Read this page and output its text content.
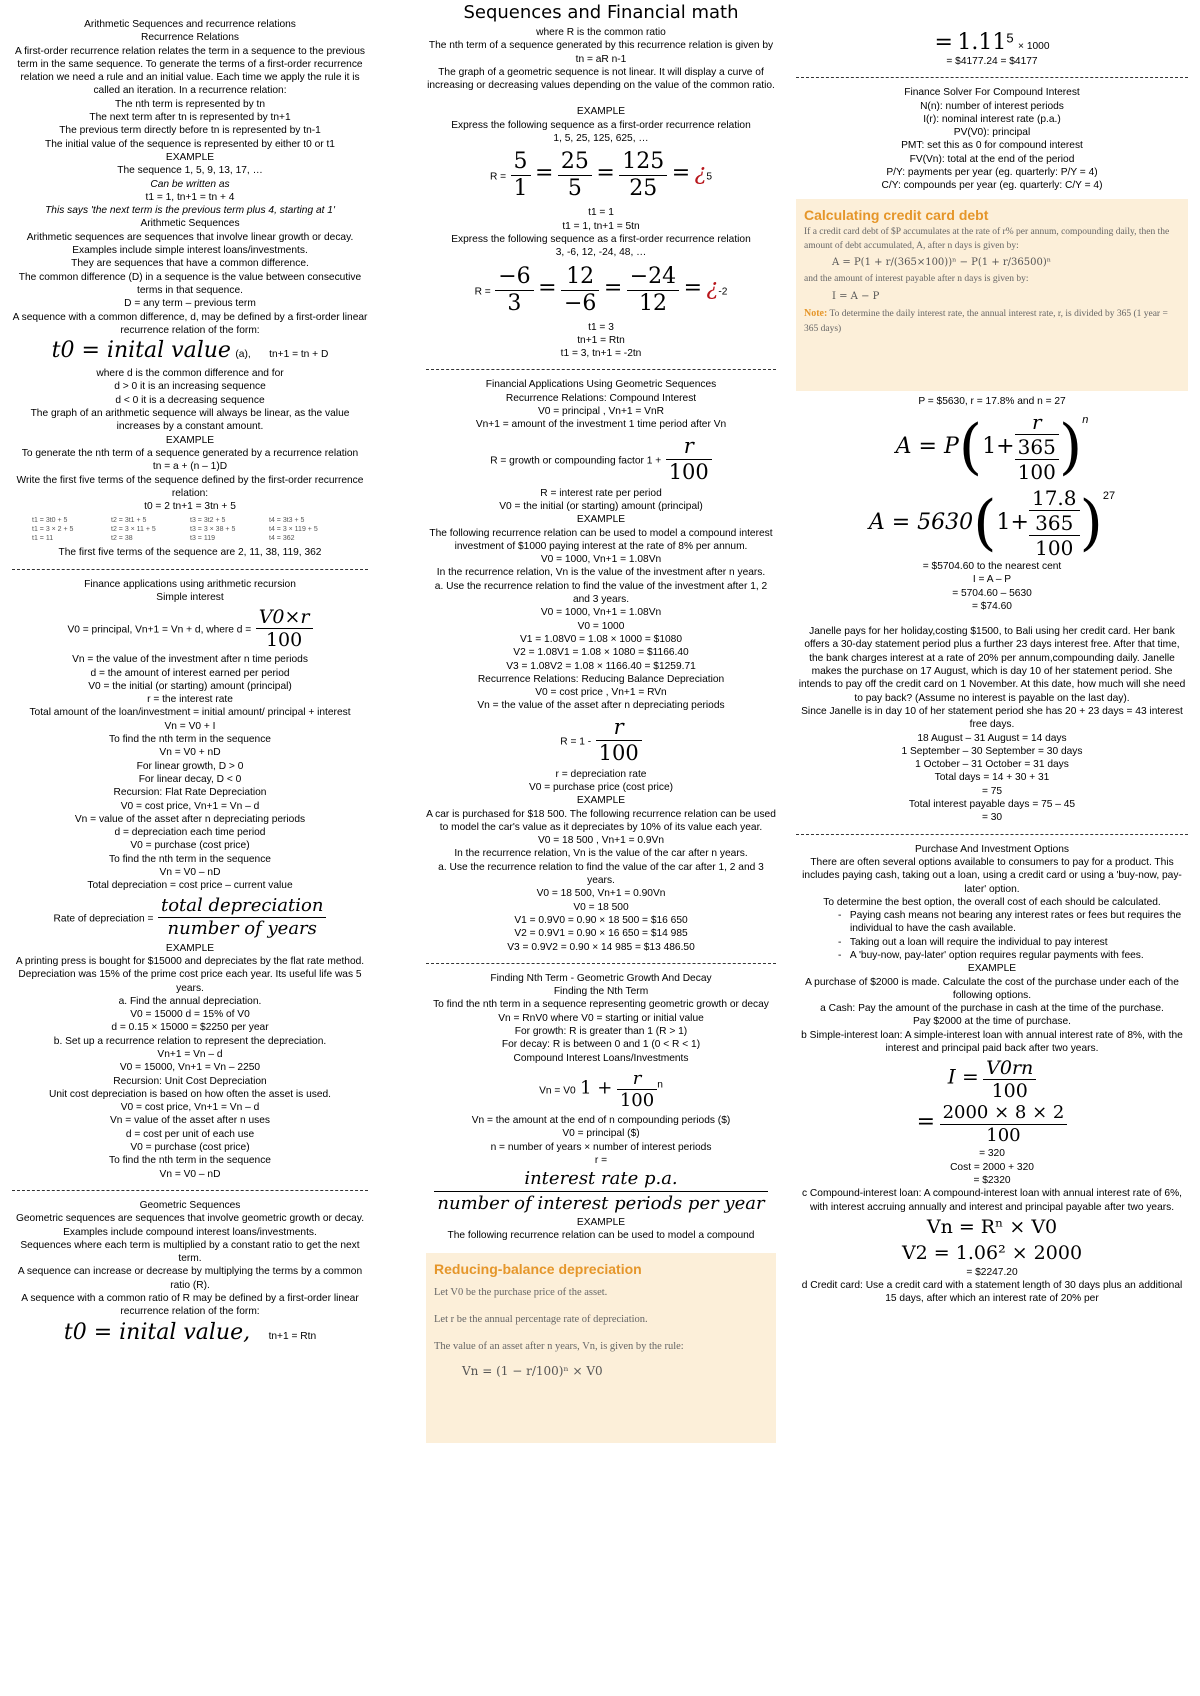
Arithmetic Sequences and recurrence relations
Recurrence Relations
A first-order recurrence relation relates the term in a sequence to the previous term in the same sequence. To generate the terms of a first-order recurrence relation we need a rule and an initial value. Each time we apply the rule it is called an iteration. In a recurrence relation:
The nth term is represented by tn
The next term after tn is represented by tn+1
The previous term directly before tn is represented by tn-1
The initial value of the sequence is represented by either t0 or t1
EXAMPLE
The sequence 1, 5, 9, 13, 17, …
Can be written as
t1 = 1, tn+1 = tn + 4
This says 'the next term is the previous term plus 4, starting at 1'
Arithmetic Sequences
Arithmetic sequences are sequences that involve linear growth or decay. Examples include simple interest loans/investments.
They are sequences that have a common difference.
The common difference (D) in a sequence is the value between consecutive terms in that sequence.
D = any term – previous term
A sequence with a common difference, d, may be defined by a first-order linear recurrence relation of the form:
t0 = inital value (a), tn+1 = tn + D
where d is the common difference and for
d > 0 it is an increasing sequence
d < 0 it is a decreasing sequence
The graph of an arithmetic sequence will always be linear, as the value increases by a constant amount.
EXAMPLE
To generate the nth term of a sequence generated by a recurrence relation
tn = a + (n – 1)D
Write the first five terms of the sequence defined by the first-order recurrence relation:
t0 = 2 tn+1 = 3tn + 5
t1 = 3t0 + 5	t2 = 3t1 + 5	t3 = 3t2 + 5	t4 = 3t3 + 5
t1 = 3 × 2 + 5	t2 = 3 × 11 + 5	t3 = 3 × 38 + 5	t4 = 3 × 119 + 5
t1 = 11	t2 = 38	t3 = 119	t4 = 362
The first five terms of the sequence are 2, 11, 38, 119, 362
Finance applications using arithmetic recursion
Simple interest
V0 = principal, Vn+1 = Vn + d, where $d = \frac{V0\times r}{100}$
Vn = the value of the investment after n time periods
d = the amount of interest earned per period
V0 = the initial (or starting) amount (principal)
r = the interest rate
Total amount of the loan/investment = initial amount/ principal + interest
Vn = V0 + I
To find the nth term in the sequence
Vn = V0 + nD
For linear growth, D > 0
For linear decay, D < 0
Recursion: Flat Rate Depreciation
V0 = cost price, Vn+1 = Vn – d
Vn = value of the asset after n depreciating periods
d = depreciation each time period
V0 = purchase (cost price)
To find the nth term in the sequence
Vn = V0 – nD
Total depreciation = cost price – current value
Rate of depreciation = $\frac{\text{total depreciation}}{\text{number of years}}$
EXAMPLE
A printing press is bought for $15000 and depreciates by the flat rate method. Depreciation was 15% of the prime cost price each year. Its useful life was 5 years.
a. Find the annual depreciation.
V0 = 15000 d = 15% of V0
d = 0.15 × 15000 = $2250 per year
b. Set up a recurrence relation to represent the depreciation.
Vn+1 = Vn – d
V0 = 15000, Vn+1 = Vn – 2250
Recursion: Unit Cost Depreciation
Unit cost depreciation is based on how often the asset is used.
V0 = cost price, Vn+1 = Vn – d
Vn = value of the asset after n uses
d = cost per unit of each use
V0 = purchase (cost price)
To find the nth term in the sequence
Vn = V0 – nD
Geometric Sequences
Geometric sequences are sequences that involve geometric growth or decay. Examples include compound interest loans/investments.
Sequences where each term is multiplied by a constant ratio to get the next term.
A sequence can increase or decrease by multiplying the terms by a common ratio (R).
A sequence with a common ratio of R may be defined by a first-order linear recurrence relation of the form:
t0 = inital value, tn+1 = Rtn
Sequences and Financial math
where R is the common ratio
The nth term of a sequence generated by this recurrence relation is given by
tn = aR n-1
The graph of a geometric sequence is not linear. It will display a curve of increasing or decreasing values depending on the value of the common ratio.
EXAMPLE
Express the following sequence as a first-order recurrence relation
1, 5, 25, 125, 625, …
$R = \frac{5}{1} = \frac{25}{5} = \frac{125}{25}$ = ¿5
t1 = 1
t1 = 1, tn+1 = 5tn
Express the following sequence as a first-order recurrence relation
3, -6, 12, -24, 48, …
$R = \frac{-6}{3} = \frac{12}{-6} = \frac{-24}{12}$ = ¿-2
t1 = 3
tn+1 = Rtn
t1 = 3, tn+1 = -2tn
Financial Applications Using Geometric Sequences
Recurrence Relations: Compound Interest
V0 = principal , Vn+1 = VnR
Vn+1 = amount of the investment 1 time period after Vn
R = growth or compounding factor $1 + \frac{r}{100}$
R = interest rate per period
V0 = the initial (or starting) amount (principal)
EXAMPLE
The following recurrence relation can be used to model a compound interest investment of $1000 paying interest at the rate of 8% per annum.
V0 = 1000, Vn+1 = 1.08Vn
In the recurrence relation, Vn is the value of the investment after n years.
a. Use the recurrence relation to find the value of the investment after 1, 2 and 3 years.
V0 = 1000, Vn+1 = 1.08Vn
V0 = 1000
V1 = 1.08V0 = 1.08 × 1000 = $1080
V2 = 1.08V1 = 1.08 × 1080 = $1166.40
V3 = 1.08V2 = 1.08 × 1166.40 = $1259.71
Recurrence Relations: Reducing Balance Depreciation
V0 = cost price , Vn+1 = RVn
Vn = the value of the asset after n depreciating periods
$R = 1 - \frac{r}{100}$
r = depreciation rate
V0 = purchase price (cost price)
EXAMPLE
A car is purchased for $18 500. The following recurrence relation can be used to model the car's value as it depreciates by 10% of its value each year.
V0 = 18 500 , Vn+1 = 0.9Vn
In the recurrence relation, Vn is the value of the car after n years.
a. Use the recurrence relation to find the value of the car after 1, 2 and 3 years.
V0 = 18 500, Vn+1 = 0.90Vn
V0 = 18 500
V1 = 0.9V0 = 0.90 × 18 500 = $16 650
V2 = 0.9V1 = 0.90 × 16 650 = $14 985
V3 = 0.9V2 = 0.90 × 14 985 = $13 486.50
Finding Nth Term - Geometric Growth And Decay
Finding the Nth Term
To find the nth term in a sequence representing geometric growth or decay
Vn = RnV0 where V0 = starting or initial value
For growth: R is greater than 1 (R > 1)
For decay: R is between 0 and 1 (0 < R < 1)
Compound Interest Loans/Investments
Vn = V0 $1 + \frac{r}{100} ^n$
Vn = the amount at the end of n compounding periods ($)
V0 = principal ($)
n = number of years × number of interest periods
r =
$\frac{\text{interest rate p.a.}}{\text{number of interest periods per year}}$
EXAMPLE
The following recurrence relation can be used to model a compound
Reducing-balance depreciation
Let V0 be the purchase price of the asset.
Let r be the annual percentage rate of depreciation.
The value of an asset after n years, Vn, is given by the rule:
Vn = (1 − r/100)ⁿ × V0
= $1.11^5 \times 1000$
= $4177.24 = $4177
Finance Solver For Compound Interest
N(n): number of interest periods
I(r): nominal interest rate (p.a.)
PV(V0): principal
PMT: set this as 0 for compound interest
FV(Vn): total at the end of the period
P/Y: payments per year (eg. quarterly: P/Y = 4)
C/Y: compounds per year (eg. quarterly: C/Y = 4)
Calculating credit card debt
If a credit card debt of $P accumulates at the rate of r% per annum, compounding daily, then the amount of debt accumulated, A, after n days is given by:
A = P(1 + r/(365×100))ⁿ − P(1 + r/36500)ⁿ
and the amount of interest payable after n days is given by:
I = A − P
Note: To determine the daily interest rate, the annual interest rate, r, is divided by 365 (1 year = 365 days)
P = $5630, r = 17.8% and n = 27
A = P ( $1+ \frac{\frac{r}{365}}{100} )^n$
A = 5630 ( $1+ \frac{\frac{17.8}{365}}{100} )^{27}$
= $5704.60 to the nearest cent
I = A – P
= 5704.60 – 5630
= $74.60
Janelle pays for her holiday,costing $1500, to Bali using her credit card. Her bank offers a 30-day statement period plus a further 23 days interest free. After that time, the bank charges interest at a rate of 20% per annum,compounding daily. Janelle makes the purchase on 17 August, which is day 10 of her statement period. She intends to pay off the credit card on 1 November. At this date, how much will she need to pay back? (Assume no interest is payable on the last day).
Since Janelle is in day 10 of her statement period she has 20 + 23 days = 43 interest free days.
18 August – 31 August = 14 days
1 September – 30 September = 30 days
1 October – 31 October = 31 days
Total days = 14 + 30 + 31
= 75
Total interest payable days = 75 – 45
= 30
Purchase And Investment Options
There are often several options available to consumers to pay for a product. This includes paying cash, taking out a loan, using a credit card or using a 'buy-now, pay-later' option.
To determine the best option, the overall cost of each should be calculated.
-   Paying cash means not bearing any interest rates or fees but requires the individual to have the cash available.
-   Taking out a loan will require the individual to pay interest
-   A 'buy-now, pay-later' option requires regular payments with fees.
EXAMPLE
A purchase of $2000 is made. Calculate the cost of the purchase under each of the following options.
a Cash: Pay the amount of the purchase in cash at the time of the purchase.
Pay $2000 at the time of purchase.
b Simple-interest loan: A simple-interest loan with annual interest rate of 8%, with the interest and principal paid back after two years.
$I = \frac{V0rn}{100}$
= $\frac{2000 \times 8 \times 2}{100}$
= 320
Cost = 2000 + 320
= $2320
c Compound-interest loan: A compound-interest loan with annual interest rate of 6%, with interest accruing annually and interest and principal payable after two years.
Vn = Rⁿ × V0
V2 = 1.06² × 2000
= $2247.20
d Credit card: Use a credit card with a statement length of 30 days plus an additional 15 days, after which an interest rate of 20% per
